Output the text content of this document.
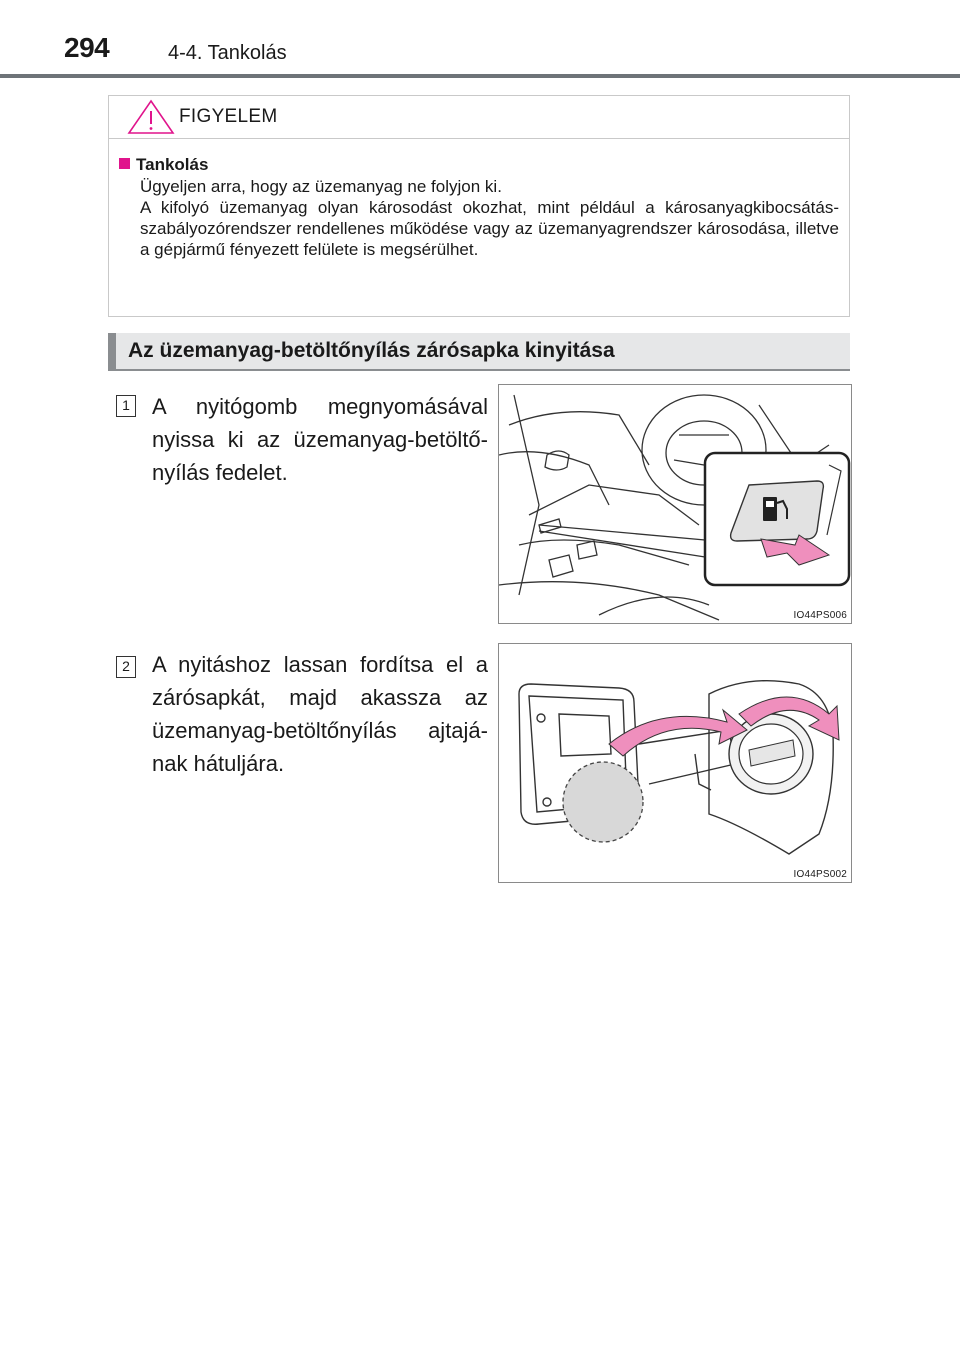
294	4-4. Tankolás
FIGYELEM
Tankolás

Ügyeljen arra, hogy az üzemanyag ne folyjon ki.

A kifolyó üzemanyag olyan károsodást okozhat, mint például a károsanyagkibocsátás-szabályozórendszer rendellenes működése vagy az üzemanyagrendszer károsodása, illetve a gépjármű fényezett felülete is megsérülhet.

Az üzemanyag-betöltőnyílás zárósapka kinyitása
1 A nyitógomb megnyomásával nyissa ki az üzemanyag-betöltőnyílás fedelet.
IO44PS006
2 A nyitáshoz lassan fordítsa el a zárósapkát, majd akassza az üzemanyag-betöltőnyílás ajtajának hátuljára.
IO44PS002
